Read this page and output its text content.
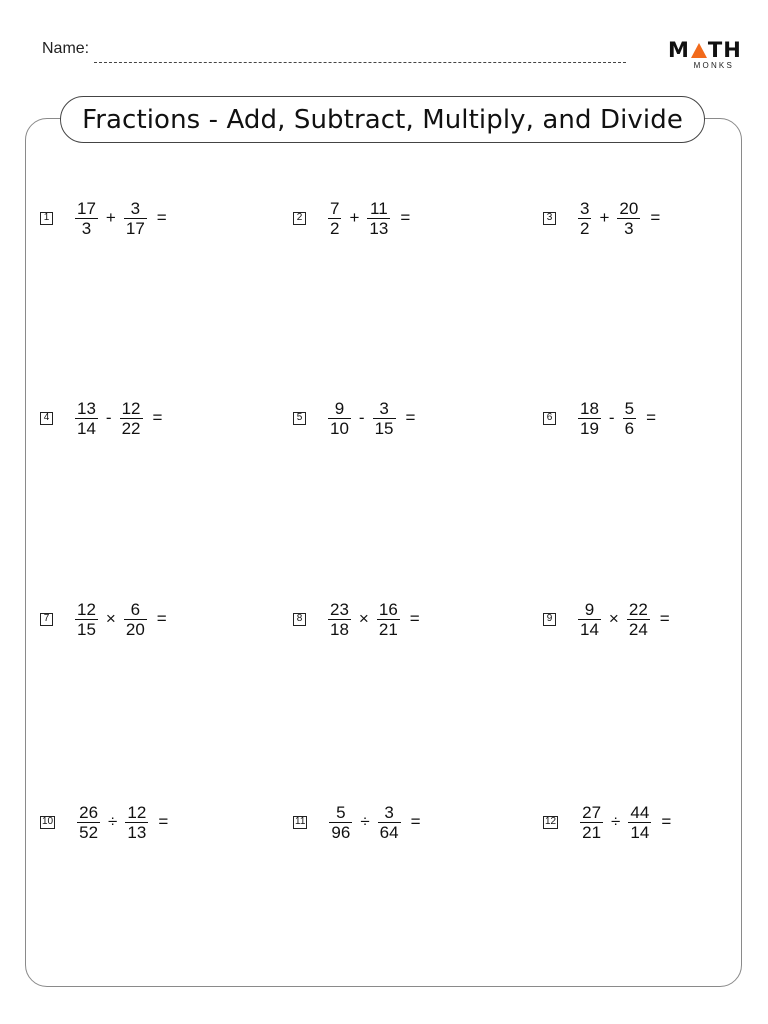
Name:	M TH
MONKS
Fractions - Add, Subtract, Multiply, and Divide
$1 \frac{17}{3} + \frac{3}{17}$ =	$2 \frac{7}{2} + \frac{11}{13}$ =	$3 \frac{3}{2} + \frac{20}{3}$ =
$4 \frac{13}{14} - \frac{12}{22}$ =	$5 \frac{9}{10} - \frac{3}{15}$ =	$6 \frac{18}{19} - \frac{5}{6}$ =
$7 \frac{12}{15} \times \frac{6}{20}$ =	$8 \frac{23}{18} \times \frac{16}{21}$ =	$9 \frac{9}{14} \times \frac{22}{24}$ =
$10 \frac{26}{52} \div \frac{12}{13}$ =	$11 \frac{5}{96} \div \frac{3}{64}$ =	$12 \frac{27}{21} \div \frac{44}{14}$ =
